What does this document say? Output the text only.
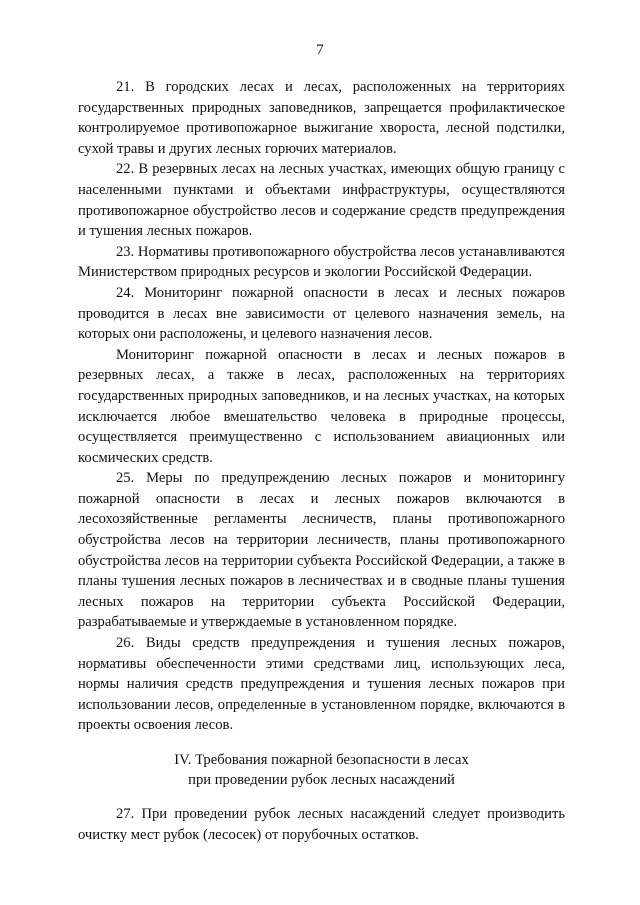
7

21. В городских лесах и лесах, расположенных на территориях государственных природных заповедников, запрещается профилактическое контролируемое противопожарное выжигание хвороста, лесной подстилки, сухой травы и других лесных горючих материалов.

22. В резервных лесах на лесных участках, имеющих общую границу с населенными пунктами и объектами инфраструктуры, осуществляются противопожарное обустройство лесов и содержание средств предупреждения и тушения лесных пожаров.

23. Нормативы противопожарного обустройства лесов устанавливаются Министерством природных ресурсов и экологии Российской Федерации.

24. Мониторинг пожарной опасности в лесах и лесных пожаров проводится в лесах вне зависимости от целевого назначения земель, на которых они расположены, и целевого назначения лесов.

Мониторинг пожарной опасности в лесах и лесных пожаров в резервных лесах, а также в лесах, расположенных на территориях государственных природных заповедников, и на лесных участках, на которых исключается любое вмешательство человека в природные процессы, осуществляется преимущественно с использованием авиационных или космических средств.

25. Меры по предупреждению лесных пожаров и мониторингу пожарной опасности в лесах и лесных пожаров включаются в лесохозяйственные регламенты лесничеств, планы противопожарного обустройства лесов на территории лесничеств, планы противопожарного обустройства лесов на территории субъекта Российской Федерации, а также в планы тушения лесных пожаров в лесничествах и в сводные планы тушения лесных пожаров на территории субъекта Российской Федерации, разрабатываемые и утверждаемые в установленном порядке.

26. Виды средств предупреждения и тушения лесных пожаров, нормативы обеспеченности этими средствами лиц, использующих леса, нормы наличия средств предупреждения и тушения лесных пожаров при использовании лесов, определенные в установленном порядке, включаются в проекты освоения лесов.

IV. Требования пожарной безопасности в лесах
при проведении рубок лесных насаждений

27. При проведении рубок лесных насаждений следует производить очистку мест рубок (лесосек) от порубочных остатков.
